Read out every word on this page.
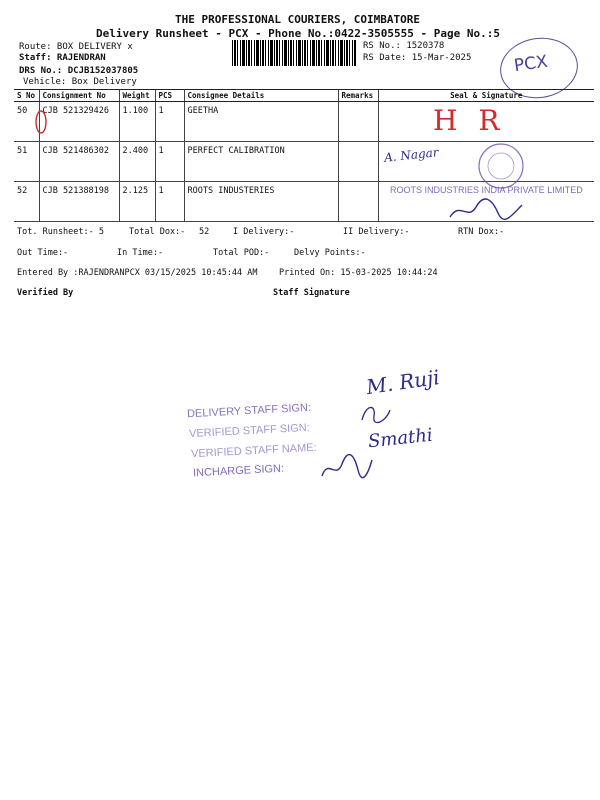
THE PROFESSIONAL COURIERS, COIMBATORE
Delivery Runsheet - PCX - Phone No.:0422-3505555 - Page No.:5
Route: BOX DELIVERY x
Staff: RAJENDRAN
DRS No.: DCJB152037805
Vehicle: Box Delivery
RS No.: 1520378
RS Date: 15-Mar-2025 PCX
S No	Consignment No	Weight	PCS	Consignee Details	Remarks	Seal & Signature
50	CJB 521329426	1.100	1	GEETHA		
51	CJB 521486302	2.400	1	PERFECT CALIBRATION		
52	CJB 521388198	2.125	1	ROOTS INDUSTERIES		
H R
A. Nagar
ROOTS INDUSTRIES INDIA PRIVATE LIMITED
Tot. Runsheet:- 5	Total Dox:- 52	I Delivery:-	II Delivery:-	RTN Dox:-
Out Time:-	In Time:-	Total POD:-	Delvy Points:-
Entered By :RAJENDRANPCX 03/15/2025 10:45:44 AM	Printed On: 15-03-2025 10:44:24
Verified By	Staff Signature
DELIVERY STAFF SIGN:
VERIFIED STAFF SIGN:
VERIFIED STAFF NAME:
INCHARGE SIGN:
M. Ruji
Smathi
